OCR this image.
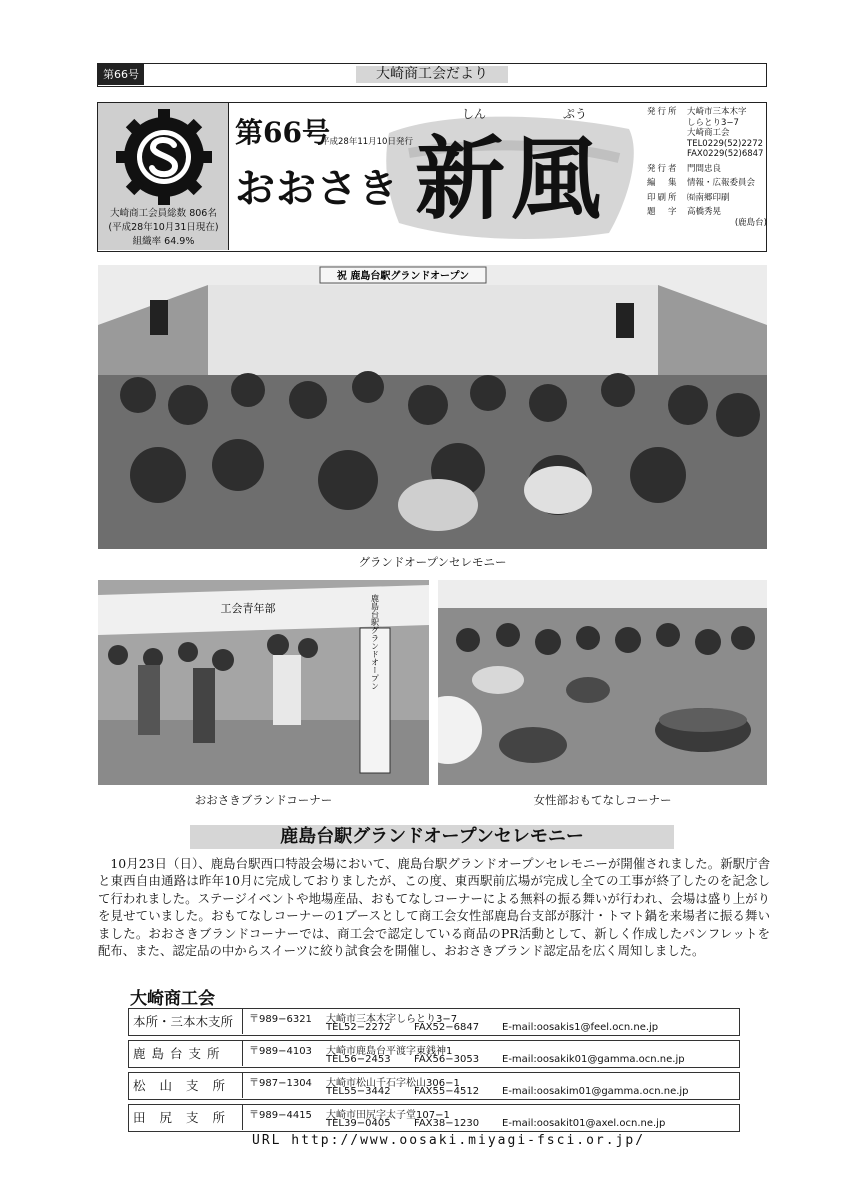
第66号	大崎商工会だより
大崎商工会員総数 806名
(平成28年10月31日現在)
組織率 64.9%
第66号
平成28年11月10日発行
おおさき
しん	ぷう
新風
発行所 大崎市三本木字
しらとり3−7
大崎商工会
TEL0229(52)2272
FAX0229(52)6847
発行者 門間忠良
編　集 情報・広報委員会
印刷所 ㈲南郷印刷
題　字 高橋秀晃
(鹿島台)
祝 鹿島台駅グランドオープン
グランドオープンセレモニー
工会青年部	鹿島台駅グランドオープン
おおさきブランドコーナー	女性部おもてなしコーナー
鹿島台駅グランドオープンセレモニー
10月23日（日）、鹿島台駅西口特設会場において、鹿島台駅グランドオープンセレモニーが開催されました。新駅庁舎と東西自由通路は昨年10月に完成しておりましたが、この度、東西駅前広場が完成し全ての工事が終了したのを記念して行われました。ステージイベントや地場産品、おもてなしコーナーによる無料の振る舞いが行われ、会場は盛り上がりを見せていました。おもてなしコーナーの1ブースとして商工会女性部鹿島台支部が豚汁・トマト鍋を来場者に振る舞いました。おおさきブランドコーナーでは、商工会で認定している商品のPR活動として、新しく作成したパンフレットを配布、また、認定品の中からスイーツに絞り試食会を開催し、おおさきブランド認定品を広く周知しました。
大崎商工会
本所・三本木支所	〒989−6321 大崎市三本木字しらとり3−7
TEL52−2272 FAX52−6847 E-mail:oosakis1@feel.ocn.ne.jp
鹿島台支所	〒989−4103 大崎市鹿島台平渡字東銭神1
TEL56−2453 FAX56−3053 E-mail:oosakik01@gamma.ocn.ne.jp
松山支所 〒987−1304 大崎市松山千石字松山306−1
TEL55−3442 FAX55−4512 E-mail:oosakim01@gamma.ocn.ne.jp
田尻支所 〒989−4415 大崎市田尻字太子堂107−1
TEL39−0405 FAX38−1230 E-mail:oosakit01@axel.ocn.ne.jp
URL http://www.oosaki.miyagi-fsci.or.jp/
